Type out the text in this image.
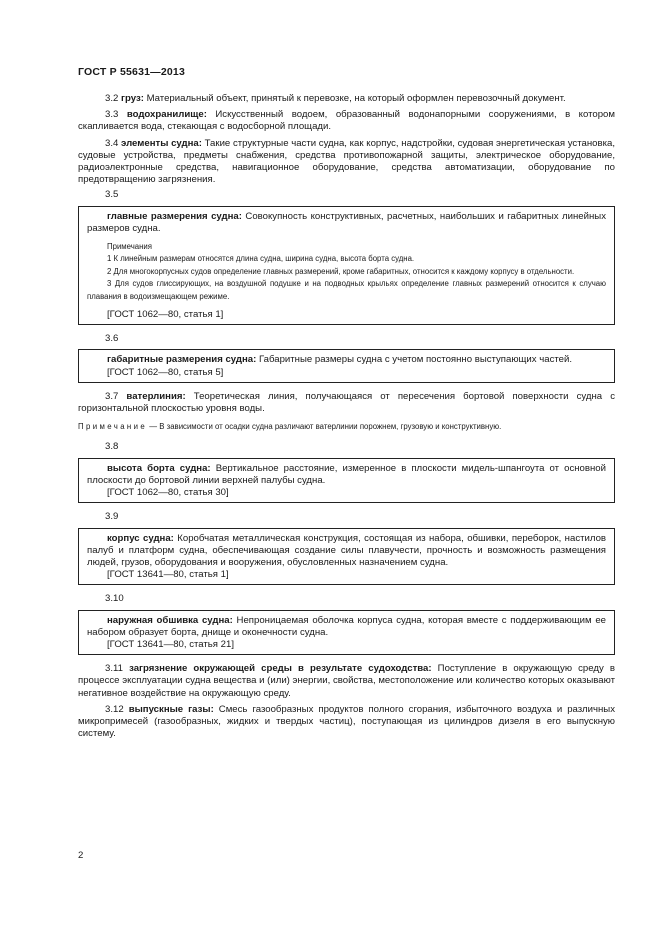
ГОСТ Р 55631—2013

3.2 груз: Материальный объект, принятый к перевозке, на который оформлен перевозочный документ.

3.3 водохранилище: Искусственный водоем, образованный водонапорными сооружениями, в котором скапливается вода, стекающая с водосборной площади.

3.4 элементы судна: Такие структурные части судна, как корпус, надстройки, судовая энергетическая установка, судовые устройства, предметы снабжения, средства противопожарной защиты, электрическое оборудование, радиоэлектронные средства, навигационное оборудование, средства автоматизации, оборудование по предотвращению загрязнения.

3.5

главные размерения судна: Совокупность конструктивных, расчетных, наибольших и габаритных линейных размеров судна.

Примечания

1 К линейным размерам относятся длина судна, ширина судна, высота борта судна.

2 Для многокорпусных судов определение главных размерений, кроме габаритных, относится к каждому корпусу в отдельности.

3 Для судов глиссирующих, на воздушной подушке и на подводных крыльях определение главных размерений относится к случаю плавания в водоизмещающем режиме.

[ГОСТ 1062—80, статья 1]
3.6

габаритные размерения судна: Габаритные размеры судна с учетом постоянно выступающих частей.

[ГОСТ 1062—80, статья 5]

3.7 ватерлиния: Теоретическая линия, получающаяся от пересечения бортовой поверхности судна с горизонтальной плоскостью уровня воды.

Примечание — В зависимости от осадки судна различают ватерлинии порожнем, грузовую и конструктивную.

3.8

высота борта судна: Вертикальное расстояние, измеренное в плоскости мидель-шпангоута от основной плоскости до бортовой линии верхней палубы судна.

[ГОСТ 1062—80, статья 30]
3.9

корпус судна: Коробчатая металлическая конструкция, состоящая из набора, обшивки, переборок, настилов палуб и платформ судна, обеспечивающая создание силы плавучести, прочность и возможность размещения людей, грузов, оборудования и вооружения, обусловленных назначением судна.

[ГОСТ 13641—80, статья 1]
3.10

наружная обшивка судна: Непроницаемая оболочка корпуса судна, которая вместе с поддерживающим ее набором образует борта, днище и оконечности судна.

[ГОСТ 13641—80, статья 21]

3.11 загрязнение окружающей среды в результате судоходства: Поступление в окружающую среду в процессе эксплуатации судна вещества и (или) энергии, свойства, местоположение или количество которых оказывают негативное воздействие на окружающую среду.

3.12 выпускные газы: Смесь газообразных продуктов полного сгорания, избыточного воздуха и различных микропримесей (газообразных, жидких и твердых частиц), поступающая из цилиндров дизеля в его выпускную систему.

2
